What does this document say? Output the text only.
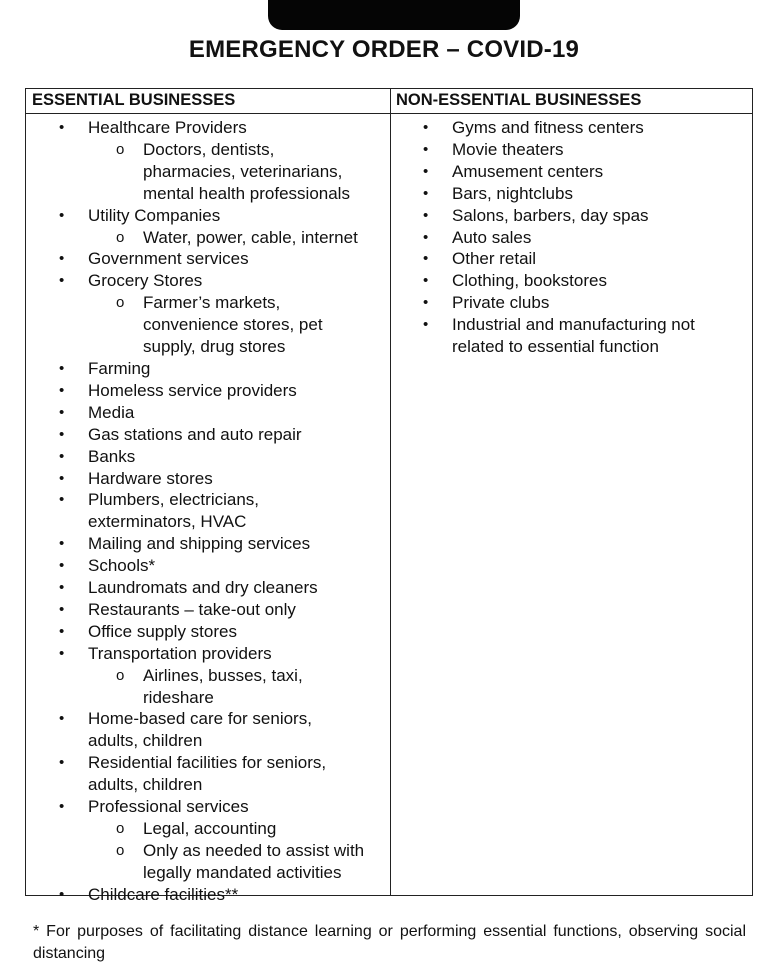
EMERGENCY ORDER – COVID-19
ESSENTIAL BUSINESSES	NON-ESSENTIAL BUSINESSES
• Healthcare Providers
o Doctors, dentists,
pharmacies, veterinarians,
mental health professionals
• Utility Companies
o Water, power, cable, internet
• Government services
• Grocery Stores
o Farmer’s markets,
convenience stores, pet
supply, drug stores
• Farming
• Homeless service providers
• Media
• Gas stations and auto repair
• Banks
• Hardware stores
• Plumbers, electricians,
exterminators, HVAC
• Mailing and shipping services
• Schools*
• Laundromats and dry cleaners
• Restaurants – take-out only
• Office supply stores
• Transportation providers
o Airlines, busses, taxi,
rideshare
• Home-based care for seniors,
adults, children
• Residential facilities for seniors,
adults, children
• Professional services
o Legal, accounting
o Only as needed to assist with
legally mandated activities
• Childcare facilities**
• Gyms and fitness centers
• Movie theaters
• Amusement centers
• Bars, nightclubs
• Salons, barbers, day spas
• Auto sales
• Other retail
• Clothing, bookstores
• Private clubs
• Industrial and manufacturing not
related to essential function
* For purposes of facilitating distance learning or performing essential functions, observing social distancing
